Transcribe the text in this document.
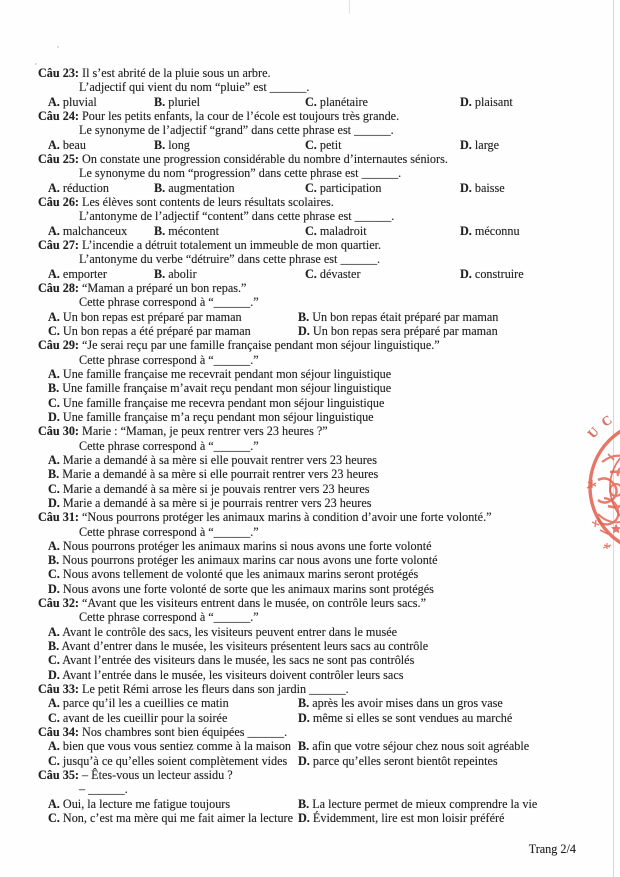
Câu 23: Il s’est abrité de la pluie sous un arbre.
L’adjectif qui vient du nom “pluie” est ______.
A. pluvial	B. pluriel	C. planétaire	D. plaisant
Câu 24: Pour les petits enfants, la cour de l’école est toujours très grande.
Le synonyme de l’adjectif “grand” dans cette phrase est ______.
A. beau	B. long	C. petit	D. large
Câu 25: On constate une progression considérable du nombre d’internautes séniors.
Le synonyme du nom “progression” dans cette phrase est ______.
A. réduction	B. augmentation	C. participation	D. baisse
Câu 26: Les élèves sont contents de leurs résultats scolaires.
L’antonyme de l’adjectif “content” dans cette phrase est ______.
A. malchanceux	B. mécontent	C. maladroit	D. méconnu
Câu 27: L’incendie a détruit totalement un immeuble de mon quartier.
L’antonyme du verbe “détruire” dans cette phrase est ______.
A. emporter	B. abolir	C. dévaster	D. construire
Câu 28: “Maman a préparé un bon repas.”
Cette phrase correspond à “______.”
A. Un bon repas est préparé par maman	B. Un bon repas était préparé par maman
C. Un bon repas a été préparé par maman	D. Un bon repas sera préparé par maman
Câu 29: “Je serai reçu par une famille française pendant mon séjour linguistique.”
Cette phrase correspond à “______.”
A. Une famille française me recevrait pendant mon séjour linguistique
B. Une famille française m’avait reçu pendant mon séjour linguistique
C. Une famille française me recevra pendant mon séjour linguistique
D. Une famille française m’a reçu pendant mon séjour linguistique
Câu 30: Marie : “Maman, je peux rentrer vers 23 heures ?”
Cette phrase correspond à “______.”
A. Marie a demandé à sa mère si elle pouvait rentrer vers 23 heures
B. Marie a demandé à sa mère si elle pourrait rentrer vers 23 heures
C. Marie a demandé à sa mère si je pouvais rentrer vers 23 heures
D. Marie a demandé à sa mère si je pourrais rentrer vers 23 heures
Câu 31: “Nous pourrons protéger les animaux marins à condition d’avoir une forte volonté.”
Cette phrase correspond à “______.”
A. Nous pourrons protéger les animaux marins si nous avons une forte volonté
B. Nous pourrons protéger les animaux marins car nous avons une forte volonté
C. Nous avons tellement de volonté que les animaux marins seront protégés
D. Nous avons une forte volonté de sorte que les animaux marins sont protégés
Câu 32: “Avant que les visiteurs entrent dans le musée, on contrôle leurs sacs.”
Cette phrase correspond à “______.”
A. Avant le contrôle des sacs, les visiteurs peuvent entrer dans le musée
B. Avant d’entrer dans le musée, les visiteurs présentent leurs sacs au contrôle
C. Avant l’entrée des visiteurs dans le musée, les sacs ne sont pas contrôlés
D. Avant l’entrée dans le musée, les visiteurs doivent contrôler leurs sacs
Câu 33: Le petit Rémi arrose les fleurs dans son jardin ______.
A. parce qu’il les a cueillies ce matin	B. après les avoir mises dans un gros vase
C. avant de les cueillir pour la soirée	D. même si elles se sont vendues au marché
Câu 34: Nos chambres sont bien équipées ______.
A. bien que vous vous sentiez comme à la maison B. afin que votre séjour chez nous soit agréable
C. jusqu’à ce qu’elles soient complètement vides D. parce qu’elles seront bientôt repeintes
Câu 35: – Êtes-vous un lecteur assidu ?
– ______.
A. Oui, la lecture me fatigue toujours	B. La lecture permet de mieux comprendre la vie
C. Non, c’est ma mère qui me fait aimer la lecture D. Évidemment, lire est mon loisir préféré
U
C
Trang 2/4
